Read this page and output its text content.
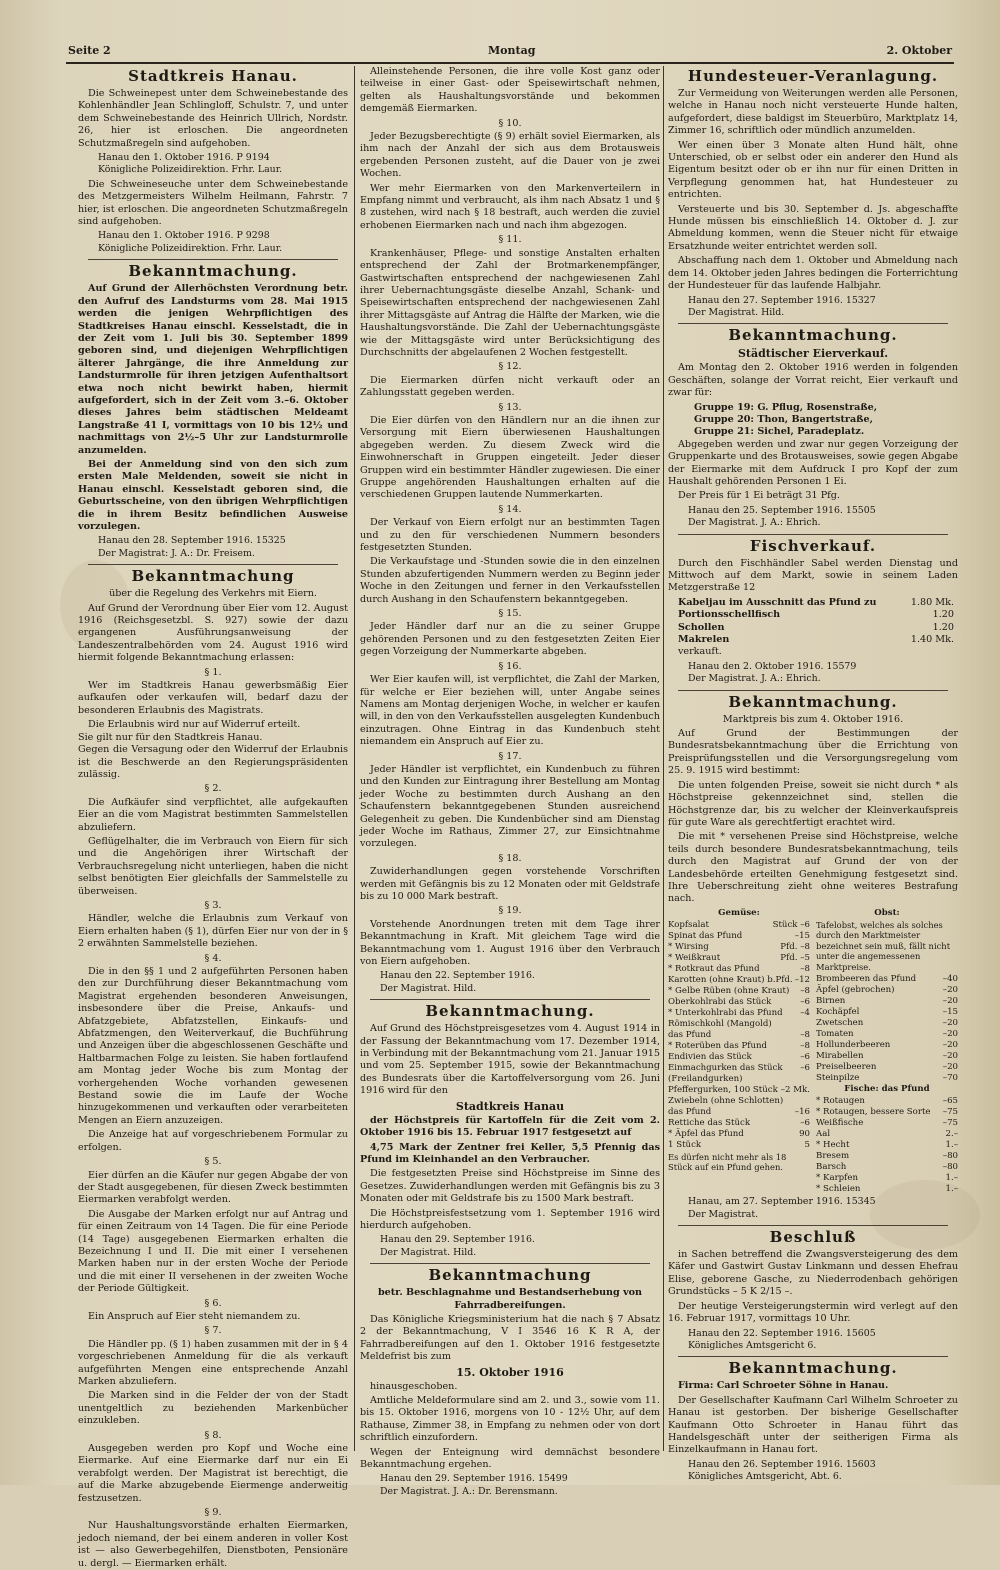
Seite 2	Montag	2. Oktober
Stadtkreis Hanau.

Die Schweinepest unter dem Schweinebestande des Kohlenhändler Jean Schlingloff, Schulstr. 7, und unter dem Schweinebestande des Heinrich Ullrich, Nordstr. 26, hier ist erloschen. Die angeordneten Schutzmaßregeln sind aufgehoben.

Hanau den 1. Oktober 1916. P 9194
Königliche Polizeidirektion. Frhr. Laur.

Die Schweineseuche unter dem Schweinebestande des Metzgermeisters Wilhelm Heilmann, Fahrstr. 7 hier, ist erloschen. Die angeordneten Schutzmaßregeln sind aufgehoben.

Hanau den 1. Oktober 1916. P 9298
Königliche Polizeidirektion. Frhr. Laur.
Bekanntmachung.

Auf Grund der Allerhöchsten Verordnung betr. den Aufruf des Landsturms vom 28. Mai 1915 werden die jenigen Wehrpflichtigen des Stadtkreises Hanau einschl. Kesselstadt, die in der Zeit vom 1. Juli bis 30. September 1899 geboren sind, und diejenigen Wehrpflichtigen älterer Jahrgänge, die ihre Anmeldung zur Landsturmrolle für ihren jetzigen Aufenthaltsort etwa noch nicht bewirkt haben, hiermit aufgefordert, sich in der Zeit vom 3.–6. Oktober dieses Jahres beim städtischen Meldeamt Langstraße 41 I, vormittags von 10 bis 12½ und nachmittags von 2½–5 Uhr zur Landsturmrolle anzumelden.

Bei der Anmeldung sind von den sich zum ersten Male Meldenden, soweit sie nicht in Hanau einschl. Kesselstadt geboren sind, die Geburtsscheine, von den übrigen Wehrpflichtigen die in ihrem Besitz befindlichen Ausweise vorzulegen.

Hanau den 28. September 1916. 15325
Der Magistrat: J. A.: Dr. Freisem.
Bekanntmachung
über die Regelung des Verkehrs mit Eiern.

Auf Grund der Verordnung über Eier vom 12. August 1916 (Reichsgesetzbl. S. 927) sowie der dazu ergangenen Ausführungsanweisung der Landeszentralbehörden vom 24. August 1916 wird hiermit folgende Bekanntmachung erlassen:

§ 1.

Wer im Stadtkreis Hanau gewerbsmäßig Eier aufkaufen oder verkaufen will, bedarf dazu der besonderen Erlaubnis des Magistrats.

Die Erlaubnis wird nur auf Widerruf erteilt.
Sie gilt nur für den Stadtkreis Hanau.
Gegen die Versagung oder den Widerruf der Erlaubnis ist die Beschwerde an den Regierungspräsidenten zulässig.

§ 2.

Die Aufkäufer sind verpflichtet, alle aufgekauften Eier an die vom Magistrat bestimmten Sammelstellen abzuliefern.

Geflügelhalter, die im Verbrauch von Eiern für sich und die Angehörigen ihrer Wirtschaft der Verbrauchsregelung nicht unterliegen, haben die nicht selbst benötigten Eier gleichfalls der Sammelstelle zu überweisen.

§ 3.

Händler, welche die Erlaubnis zum Verkauf von Eiern erhalten haben (§ 1), dürfen Eier nur von der in § 2 erwähnten Sammelstelle beziehen.

§ 4.

Die in den §§ 1 und 2 aufgeführten Personen haben den zur Durchführung dieser Bekanntmachung vom Magistrat ergehenden besonderen Anweisungen, insbesondere über die Preise, Ankaufs- und Abfatzgebiete, Abfatzstellen, Einkaufs- und Abfatzmengen, den Weiterverkauf, die Buchführung und Anzeigen über die abgeschlossenen Geschäfte und Haltbarmachen Folge zu leisten. Sie haben fortlaufend am Montag jeder Woche bis zum Montag der vorhergehenden Woche vorhanden gewesenen Bestand sowie die im Laufe der Woche hinzugekommenen und verkauften oder verarbeiteten Mengen an Eiern anzuzeigen.

Die Anzeige hat auf vorgeschriebenem Formular zu erfolgen.

§ 5.

Eier dürfen an die Käufer nur gegen Abgabe der von der Stadt ausgegebenen, für diesen Zweck bestimmten Eiermarken verabfolgt werden.

Die Ausgabe der Marken erfolgt nur auf Antrag und für einen Zeitraum von 14 Tagen. Die für eine Periode (14 Tage) ausgegebenen Eiermarken erhalten die Bezeichnung I und II. Die mit einer I versehenen Marken haben nur in der ersten Woche der Periode und die mit einer II versehenen in der zweiten Woche der Periode Gültigkeit.

§ 6.

Ein Anspruch auf Eier steht niemandem zu.

§ 7.

Die Händler pp. (§ 1) haben zusammen mit der in § 4 vorgeschriebenen Anmeldung für die als verkauft aufgeführten Mengen eine entsprechende Anzahl Marken abzuliefern.

Die Marken sind in die Felder der von der Stadt unentgeltlich zu beziehenden Markenbücher einzukleben.

§ 8.

Ausgegeben werden pro Kopf und Woche eine Eiermarke. Auf eine Eiermarke darf nur ein Ei verabfolgt werden. Der Magistrat ist berechtigt, die auf die Marke abzugebende Eiermenge anderweitig festzusetzen.

§ 9.

Nur Haushaltungsvorstände erhalten Eiermarken, jedoch niemand, der bei einem anderen in voller Kost ist — also Gewerbegehilfen, Dienstboten, Pensionäre u. dergl. — Eiermarken erhält.

Alleinstehende Personen, die ihre volle Kost ganz oder teilweise in einer Gast- oder Speisewirtschaft nehmen, gelten als Haushaltungsvorstände und bekommen demgemäß Eiermarken.

§ 10.

Jeder Bezugsberechtigte (§ 9) erhält soviel Eiermarken, als ihm nach der Anzahl der sich aus dem Brotausweis ergebenden Personen zusteht, auf die Dauer von je zwei Wochen.

Wer mehr Eiermarken von den Markenverteilern in Empfang nimmt und verbraucht, als ihm nach Absatz 1 und § 8 zustehen, wird nach § 18 bestraft, auch werden die zuviel erhobenen Eiermarken nach und nach ihm abgezogen.

§ 11.

Krankenhäuser, Pflege- und sonstige Anstalten erhalten entsprechend der Zahl der Brotmarkenempfänger, Gastwirtschaften entsprechend der nachgewiesenen Zahl ihrer Uebernachtungsgäste dieselbe Anzahl, Schank- und Speisewirtschaften entsprechend der nachgewiesenen Zahl ihrer Mittagsgäste auf Antrag die Hälfte der Marken, wie die Haushaltungsvorstände. Die Zahl der Uebernachtungsgäste wie der Mittagsgäste wird unter Berücksichtigung des Durchschnitts der abgelaufenen 2 Wochen festgestellt.

§ 12.

Die Eiermarken dürfen nicht verkauft oder an Zahlungsstatt gegeben werden.

§ 13.

Die Eier dürfen von den Händlern nur an die ihnen zur Versorgung mit Eiern überwiesenen Haushaltungen abgegeben werden. Zu diesem Zweck wird die Einwohnerschaft in Gruppen eingeteilt. Jeder dieser Gruppen wird ein bestimmter Händler zugewiesen. Die einer Gruppe angehörenden Haushaltungen erhalten auf die verschiedenen Gruppen lautende Nummerkarten.

§ 14.

Der Verkauf von Eiern erfolgt nur an bestimmten Tagen und zu den für verschiedenen Nummern besonders festgesetzten Stunden.

Die Verkaufstage und -Stunden sowie die in den einzelnen Stunden abzufertigenden Nummern werden zu Beginn jeder Woche in den Zeitungen und ferner in den Verkaufsstellen durch Aushang in den Schaufenstern bekanntgegeben.

§ 15.

Jeder Händler darf nur an die zu seiner Gruppe gehörenden Personen und zu den festgesetzten Zeiten Eier gegen Vorzeigung der Nummerkarte abgeben.

§ 16.

Wer Eier kaufen will, ist verpflichtet, die Zahl der Marken, für welche er Eier beziehen will, unter Angabe seines Namens am Montag derjenigen Woche, in welcher er kaufen will, in den von den Verkaufsstellen ausgelegten Kundenbuch einzutragen. Ohne Eintrag in das Kundenbuch steht niemandem ein Anspruch auf Eier zu.

§ 17.

Jeder Händler ist verpflichtet, ein Kundenbuch zu führen und den Kunden zur Eintragung ihrer Bestellung am Montag jeder Woche zu bestimmten durch Aushang an den Schaufenstern bekanntgegebenen Stunden ausreichend Gelegenheit zu geben. Die Kundenbücher sind am Dienstag jeder Woche im Rathaus, Zimmer 27, zur Einsichtnahme vorzulegen.

§ 18.

Zuwiderhandlungen gegen vorstehende Vorschriften werden mit Gefängnis bis zu 12 Monaten oder mit Geldstrafe bis zu 10 000 Mark bestraft.

§ 19.

Vorstehende Anordnungen treten mit dem Tage ihrer Bekanntmachung in Kraft. Mit gleichem Tage wird die Bekanntmachung vom 1. August 1916 über den Verbrauch von Eiern aufgehoben.

Hanau den 22. September 1916.
Der Magistrat. Hild.
Bekanntmachung.

Auf Grund des Höchstpreisgesetzes vom 4. August 1914 in der Fassung der Bekanntmachung vom 17. Dezember 1914, in Verbindung mit der Bekanntmachung vom 21. Januar 1915 und vom 25. September 1915, sowie der Bekanntmachung des Bundesrats über die Kartoffelversorgung vom 26. Juni 1916 wird für den

Stadtkreis Hanau

der Höchstpreis für Kartoffeln für die Zeit vom 2. Oktober 1916 bis 15. Februar 1917 festgesetzt auf

4,75 Mark der Zentner frei Keller, 5,5 Pfennig das Pfund im Kleinhandel an den Verbraucher.

Die festgesetzten Preise sind Höchstpreise im Sinne des Gesetzes. Zuwiderhandlungen werden mit Gefängnis bis zu 3 Monaten oder mit Geldstrafe bis zu 1500 Mark bestraft.

Die Höchstpreisfestsetzung vom 1. September 1916 wird hierdurch aufgehoben.

Hanau den 29. September 1916.
Der Magistrat. Hild.
Bekanntmachung
betr. Beschlagnahme und Bestandserhebung von Fahrradbereifungen.

Das Königliche Kriegsministerium hat die nach § 7 Absatz 2 der Bekanntmachung, V I 3546 16 K R A, der Fahrradbereifungen auf den 1. Oktober 1916 festgesetzte Meldefrist bis zum

15. Oktober 1916

hinausgeschoben.

Amtliche Meldeformulare sind am 2. und 3., sowie vom 11. bis 15. Oktober 1916, morgens von 10 - 12½ Uhr, auf dem Rathause, Zimmer 38, in Empfang zu nehmen oder von dort schriftlich einzufordern.

Wegen der Enteignung wird demnächst besondere Bekanntmachung ergehen.

Hanau den 29. September 1916. 15499
Der Magistrat. J. A.: Dr. Berensmann.
Hundesteuer-Veranlagung.

Zur Vermeidung von Weiterungen werden alle Personen, welche in Hanau noch nicht versteuerte Hunde halten, aufgefordert, diese baldigst im Steuerbüro, Marktplatz 14, Zimmer 16, schriftlich oder mündlich anzumelden.

Wer einen über 3 Monate alten Hund hält, ohne Unterschied, ob er selbst oder ein anderer den Hund als Eigentum besitzt oder ob er ihn nur für einen Dritten in Verpflegung genommen hat, hat Hundesteuer zu entrichten.

Versteuerte und bis 30. September d. Js. abgeschaffte Hunde müssen bis einschließlich 14. Oktober d. J. zur Abmeldung kommen, wenn die Steuer nicht für etwaige Ersatzhunde weiter entrichtet werden soll.

Abschaffung nach dem 1. Oktober und Abmeldung nach dem 14. Oktober jeden Jahres bedingen die Forterrichtung der Hundesteuer für das laufende Halbjahr.

Hanau den 27. September 1916. 15327
Der Magistrat. Hild.
Bekanntmachung.
Städtischer Eierverkauf.

Am Montag den 2. Oktober 1916 werden in folgenden Geschäften, solange der Vorrat reicht, Eier verkauft und zwar für:

Gruppe 19: G. Pflug, Rosenstraße,
Gruppe 20: Thon, Bangertstraße,
Gruppe 21: Sichel, Paradeplatz.

Abgegeben werden und zwar nur gegen Vorzeigung der Gruppenkarte und des Brotausweises, sowie gegen Abgabe der Eiermarke mit dem Aufdruck I pro Kopf der zum Haushalt gehörenden Personen 1 Ei.

Der Preis für 1 Ei beträgt 31 Pfg.

Hanau den 25. September 1916. 15505
Der Magistrat. J. A.: Ehrich.
Fischverkauf.

Durch den Fischhändler Sabel werden Dienstag und Mittwoch auf dem Markt, sowie in seinem Laden Metzgerstraße 12

Kabeljau im Ausschnitt das Pfund zu	1.80 Mk.
Portionsschellfisch	1.20
Schollen	1.20
Makrelen	1.40 Mk.

verkauft.

Hanau den 2. Oktober 1916. 15579
Der Magistrat. J. A.: Ehrich.
Bekanntmachung.
Marktpreis bis zum 4. Oktober 1916.

Auf Grund der Bestimmungen der Bundesratsbekanntmachung über die Errichtung von Preisprüfungsstellen und die Versorgungsregelung vom 25. 9. 1915 wird bestimmt:

Die unten folgenden Preise, soweit sie nicht durch * als Höchstpreise gekennzeichnet sind, stellen die Höchstgrenze dar, bis zu welcher der Kleinverkaufspreis für gute Ware als gerechtfertigt erachtet wird.

Die mit * versehenen Preise sind Höchstpreise, welche teils durch besondere Bundesratsbekanntmachung, teils durch den Magistrat auf Grund der von der Landesbehörde erteilten Genehmigung festgesetzt sind. Ihre Ueberschreitung zieht ohne weiteres Bestrafung nach.

Gemüse:
Kopfsalat	Stück –6
Spinat das Pfund	–15
* Wirsing	Pfd. –8
* Weißkraut	Pfd. –5
* Rotkraut das Pfund	–8
Karotten (ohne Kraut) b.Pfd. –12
* Gelbe Rüben (ohne Kraut) –8
Oberkohlrabi das Stück	–6
* Unterkohlrabi das Pfund –4
Römischkohl (Mangold)
das Pfund	–8
* Roterüben das Pfund	–8
Endivien das Stück	–6
Einmachgurken das Stück –6
(Freilandgurken)
Pfeffergurken, 100 Stück –2 Mk.
Zwiebeln (ohne Schlotten)
das Pfund	–16
Rettiche das Stück	–6
* Äpfel das Pfund	90
1 Stück	5
Es dürfen nicht mehr als 18 Stück auf ein Pfund gehen.
Obst:
Tafelobst, welches als solches durch den Marktmeister bezeichnet sein muß, fällt nicht unter die angemessenen Marktpreise.
Brombeeren das Pfund	–40
Äpfel (gebrochen)	–20
Birnen	–20
Kochäpfel	–15
Zwetschen	–20
Tomaten	–20
Hollunderbeeren	–20
Mirabellen	–20
Preiselbeeren	–20
Steinpilze	–70
Fische: das Pfund
* Rotaugen	–65
* Rotaugen, bessere Sorte –75
Weißfische	–75
Aal	2.–
* Hecht	1.–
Bresem	–80
Barsch	–80
* Karpfen	1.–
* Schleien	1.–
Hanau, am 27. September 1916. 15345
Der Magistrat.
Beschluß

in Sachen betreffend die Zwangsversteigerung des dem Käfer und Gastwirt Gustav Linkmann und dessen Ehefrau Elise, geborene Gasche, zu Niederrodenbach gehörigen Grundstücks – 5 K 2/15 –.

Der heutige Versteigerungstermin wird verlegt auf den 16. Februar 1917, vormittags 10 Uhr.

Hanau den 22. September 1916. 15605
Königliches Amtsgericht 6.
Bekanntmachung.

Firma: Carl Schroeter Söhne in Hanau.

Der Gesellschafter Kaufmann Carl Wilhelm Schroeter zu Hanau ist gestorben. Der bisherige Gesellschafter Kaufmann Otto Schroeter in Hanau führt das Handelsgeschäft unter der seitherigen Firma als Einzelkaufmann in Hanau fort.

Hanau den 26. September 1916. 15603
Königliches Amtsgericht, Abt. 6.
